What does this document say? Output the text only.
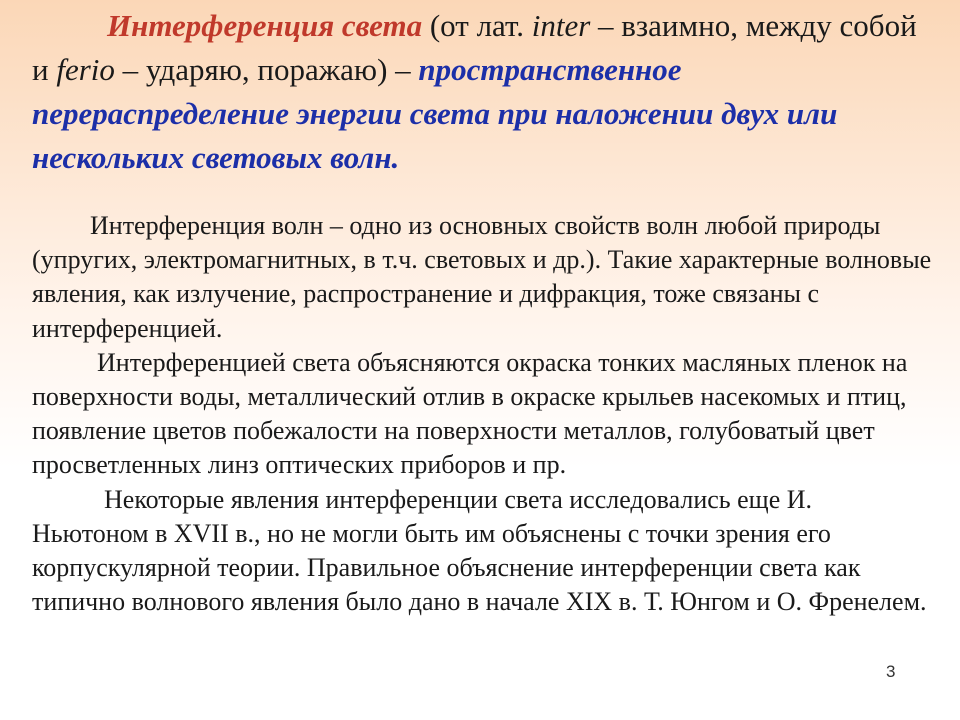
Интерференция света (от лат. inter – взаимно, между собой и ferio – ударяю, поражаю) – пространственное перераспределение энергии света при наложении двух или нескольких световых волн.

Интерференция волн – одно из основных свойств волн любой природы (упругих, электромагнитных, в т.ч. световых и др.). Такие характерные волновые явления, как излучение, распространение и дифракция, тоже связаны с интерференцией.

Интерференцией света объясняются окраска тонких масляных пленок на поверхности воды, металлический отлив в окраске крыльев насекомых и птиц, появление цветов побежалости на поверхности металлов, голубоватый цвет просветленных линз оптических приборов и пр.

Некоторые явления интерференции света исследовались еще И. Ньютоном в XVII в., но не могли быть им объяснены с точки зрения его корпускулярной теории. Правильное объяснение интерференции света как типично волнового явления было дано в начале XIX в. Т. Юнгом и О. Френелем.

3
